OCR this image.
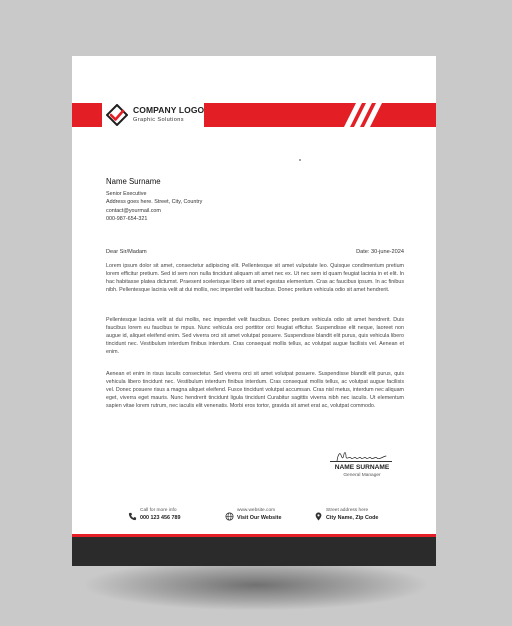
COMPANY LOGO
Graphic Solutions
Name Surname
Senior Executive
Address goes here. Street, City, Country
contact@yourmail.com
000-987-654-321
Dear Sir/Madam	Date: 30-june-2024
Lorem ipsum dolor sit amet, consectetur adipiscing elit. Pellentesque sit amet vulputate leo. Quisque condimentum pretium lorem efficitur pretium. Sed id sem non nulla tincidunt aliquam sit amet nec ex. Ut nec sem id quam feugiat lacinia in et elit. In hac habitasse platea dictumst. Praesent scelerisque libero sit amet egestas elementum. Cras ac faucibus ipsum. In ac finibus nibh. Pellentesque lacinia velit at dui mollis, nec imperdiet velit faucibus. Donec pretium vehicula odio sit amet hendrerit.
Pellentesque lacinia velit at dui mollis, nec imperdiet velit faucibus. Donec pretium vehicula odio sit amet hendrerit. Duis faucibus lorem eu faucibus te mpus. Nunc vehicula orci porttitor orci feugiat efficitur. Suspendisse elit neque, laoreet non augue id, aliquet eleifend enim. Sed viverra orci sit amet volutpat posuere. Suspendisse blandit elit purus, quis vehicula libero tincidunt nec. Vestibulum interdum finibus interdum. Cras consequat mollis tellus, ac volutpat augue facilisis vel. Aenean et enim.
Aenean et enim in risus iaculis consectetur. Sed viverra orci sit amet volutpat posuere. Suspendisse blandit elit purus, quis vehicula libero tincidunt nec. Vestibulum interdum finibus interdum. Cras consequat mollis tellus, ac volutpat augue facilisis vel. Donec posuere risus a magna aliquet eleifend. Fusce tincidunt volutpat accumsan. Cras nisl metus, interdum nec aliquam eget, viverra eget mauris. Nunc hendrerit tincidunt ligula tincidunt Curabitur sagittis viverra nibh nec iaculis. Ut elementum sapien vitae lorem rutrum, nec iaculis elit venenatis. Morbi eros tortor, gravida sit amet erat ac, volutpat commodo.
NAME SURNAME
General Manager
Call for more info
000 123 456 789
www.website.com
Visit Our Website
Street address here
City Name, Zip Code
